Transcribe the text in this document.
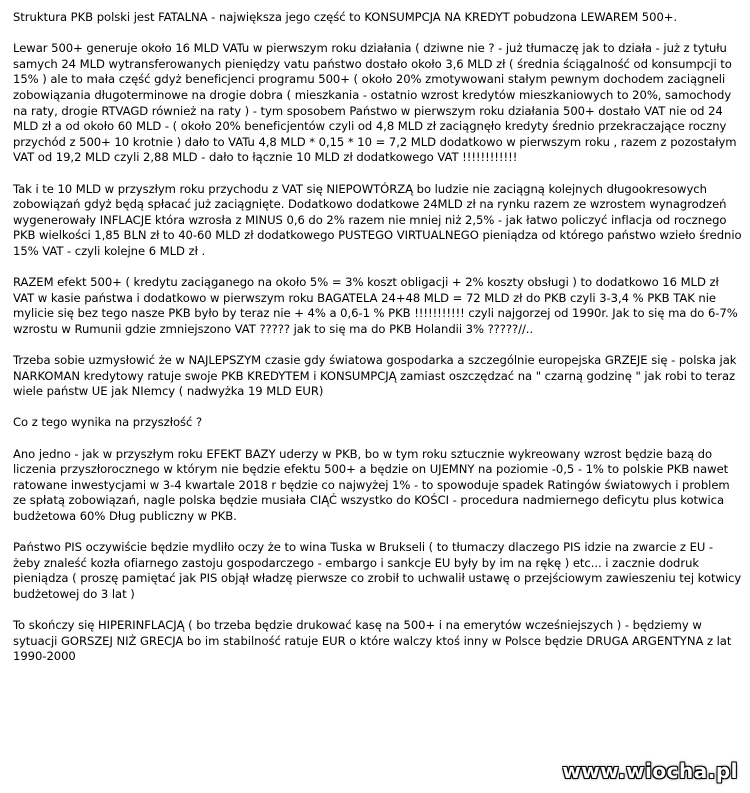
Struktura PKB polski jest FATALNA - największa jego część to KONSUMPCJA NA KREDYT pobudzona LEWAREM 500+.

Lewar 500+ generuje około 16 MLD VATu w pierwszym roku działania ( dziwne nie ? - już tłumaczę jak to działa - już z tytułu samych 24 MLD wytransferowanych pieniędzy vatu państwo dostało około 3,6 MLD zł ( średnia ściągalność od konsumpcji to 15% ) ale to mała część gdyż beneficjenci programu 500+ ( około 20% zmotywowani stałym pewnym dochodem zaciągneli zobowiązania długoterminowe na drogie dobra ( mieszkania - ostatnio wzrost kredytów mieszkaniowych to 20%, samochody na raty, drogie RTVAGD również na raty ) - tym sposobem Państwo w pierwszym roku działania 500+ dostało VAT nie od 24 MLD zł a od około 60 MLD - ( około 20% beneficjentów czyli od 4,8 MLD zł zaciągnęło kredyty średnio przekraczające roczny przychód z 500+ 10 krotnie ) dało to VATu 4,8 MLD * 0,15 * 10 = 7,2 MLD dodatkowo w pierwszym roku , razem z pozostałym VAT od 19,2 MLD czyli 2,88 MLD - dało to łącznie 10 MLD zł dodatkowego VAT !!!!!!!!!!!!

Tak i te 10 MLD w przyszłym roku przychodu z VAT się NIEPOWTÓRZĄ bo ludzie nie zaciągną kolejnych długookresowych zobowiązań gdyż będą spłacać już zaciągnięte. Dodatkowo dodatkowe 24MLD zł na rynku razem ze wzrostem wynagrodzeń wygenerowały INFLACJE która wzrosła z MINUS 0,6 do 2% razem nie mniej niż 2,5% - jak łatwo policzyć inflacja od rocznego PKB wielkości 1,85 BLN zł to 40-60 MLD zł dodatkowego PUSTEGO VIRTUALNEGO pieniądza od którego państwo wzieło średnio 15% VAT - czyli kolejne 6 MLD zł .

RAZEM efekt 500+ ( kredytu zaciąganego na około 5% = 3% koszt obligacji + 2% koszty obsługi ) to dodatkowo 16 MLD zł VAT w kasie państwa i dodatkowo w pierwszym roku BAGATELA 24+48 MLD = 72 MLD zł do PKB czyli 3-3,4 % PKB TAK nie mylicie się bez tego nasze PKB było by teraz nie + 4% a 0,6-1 % PKB !!!!!!!!!!! czyli najgorzej od 1990r. Jak to się ma do 6-7% wzrostu w Rumunii gdzie zmniejszono VAT ????? jak to się ma do PKB Holandii 3% ?????//..

Trzeba sobie uzmysłowić że w NAJLEPSZYM czasie gdy światowa gospodarka a szczególnie europejska GRZEJE się - polska jak NARKOMAN kredytowy ratuje swoje PKB KREDYTEM i KONSUMPCJĄ zamiast oszczędzać na " czarną godzinę " jak robi to teraz wiele państw UE jak NIemcy ( nadwyżka 19 MLD EUR)

Co z tego wynika na przyszłość ?

Ano jedno - jak w przyszłym roku EFEKT BAZY uderzy w PKB, bo w tym roku sztucznie wykreowany wzrost będzie bazą do liczenia przyszłorocznego w którym nie będzie efektu 500+ a będzie on UJEMNY na poziomie -0,5 - 1% to polskie PKB nawet ratowane inwestycjami w 3-4 kwartale 2018 r będzie co najwyżej 1% - to spowoduje spadek Ratingów światowych i problem ze spłatą zobowiązań, nagle polska będzie musiała CIĄĆ wszystko do KOŚCI - procedura nadmiernego deficytu plus kotwica budżetowa 60% Dług publiczny w PKB.

Państwo PIS oczywiście będzie mydliło oczy że to wina Tuska w Brukseli ( to tłumaczy dlaczego PIS idzie na zwarcie z EU - żeby znaleść kozła ofiarnego zastoju gospodarczego - embargo i sankcje EU były by im na rękę ) etc... i zacznie dodruk pieniądza ( proszę pamiętać jak PIS objął władzę pierwsze co zrobił to uchwalił ustawę o przejściowym zawieszeniu tej kotwicy budżetowej do 3 lat )

To skończy się HIPERINFLACJĄ ( bo trzeba będzie drukować kasę na 500+ i na emerytów wcześniejszych ) - będziemy w sytuacji GORSZEJ NIŻ GRECJA bo im stabilność ratuje EUR o które walczy ktoś inny w Polsce będzie DRUGA ARGENTYNA z lat 1990-2000

www.wiocha.pl
